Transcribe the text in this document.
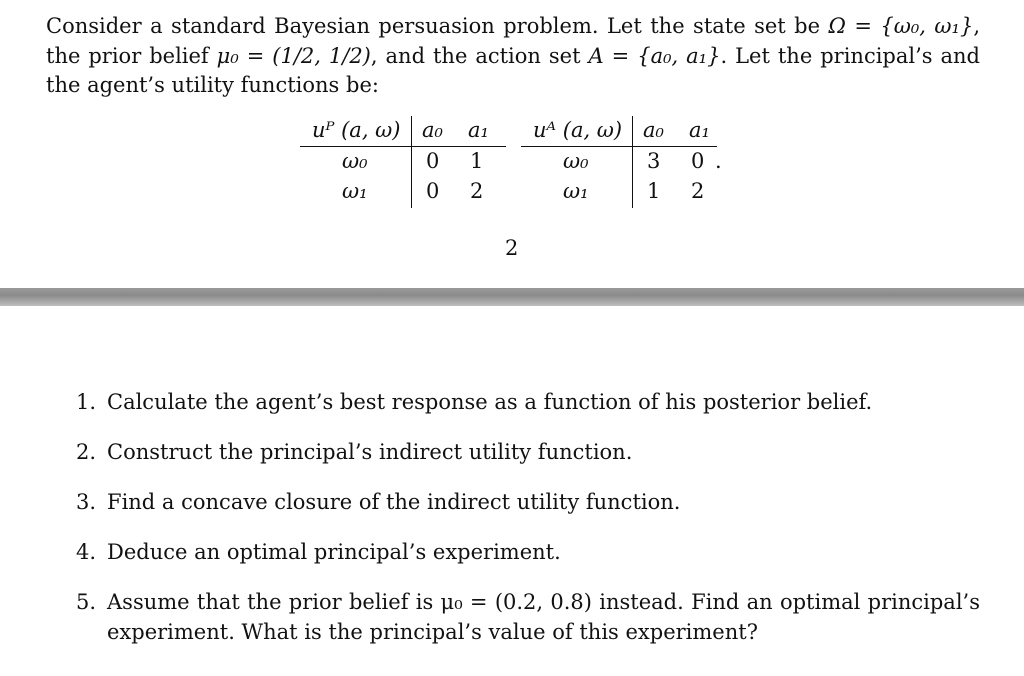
Consider a standard Bayesian persuasion problem. Let the state set be Ω = {ω₀, ω₁}, the prior belief μ₀ = (1/2, 1/2), and the action set A = {a₀, a₁}. Let the principal’s and the agent’s utility functions be:

uᴾ (a, ω) a₀ a₁
ω₀	0 1
ω₁	0 2
uᴬ (a, ω) a₀ a₁
ω₀	3 0 .
ω₁	1 2
2
1. Calculate the agent’s best response as a function of his posterior belief.
2. Construct the principal’s indirect utility function.
3. Find a concave closure of the indirect utility function.
4. Deduce an optimal principal’s experiment.
5. Assume that the prior belief is μ₀ = (0.2, 0.8) instead. Find an optimal principal’s experiment. What is the principal’s value of this experiment?
